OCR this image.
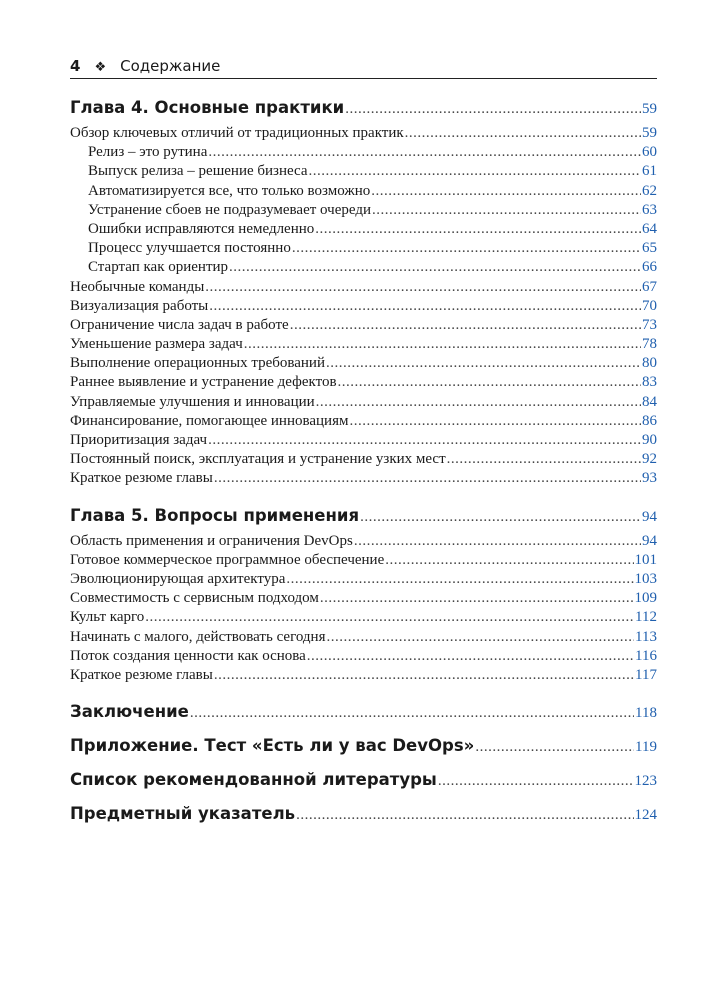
4 ❖ Содержание
Глава 4. Основные практики .....	59
Обзор ключевых отличий от традиционных практик .....	59
Релиз – это рутина .....	60
Выпуск релиза – решение бизнеса .....	61
Автоматизируется все, что только возможно .....	62
Устранение сбоев не подразумевает очереди .....	63
Ошибки исправляются немедленно .....	64
Процесс улучшается постоянно .....	65
Стартап как ориентир .....	66
Необычные команды .....	67
Визуализация работы .....	70
Ограничение числа задач в работе .....	73
Уменьшение размера задач .....	78
Выполнение операционных требований .....	80
Раннее выявление и устранение дефектов .....	83
Управляемые улучшения и инновации .....	84
Финансирование, помогающее инновациям .....	86
Приоритизация задач .....	90
Постоянный поиск, эксплуатация и устранение узких мест .....	92
Краткое резюме главы .....	93
Глава 5. Вопросы применения .....	94
Область применения и ограничения DevOps .....	94
Готовое коммерческое программное обеспечение .....	101
Эволюционирующая архитектура .....	103
Совместимость с сервисным подходом .....	109
Культ карго .....	112
Начинать с малого, действовать сегодня .....	113
Поток создания ценности как основа .....	116
Краткое резюме главы .....	117
Заключение .....	118
Приложение. Тест «Есть ли у вас DevOps» .....	119
Список рекомендованной литературы .....	123
Предметный указатель .....	124
